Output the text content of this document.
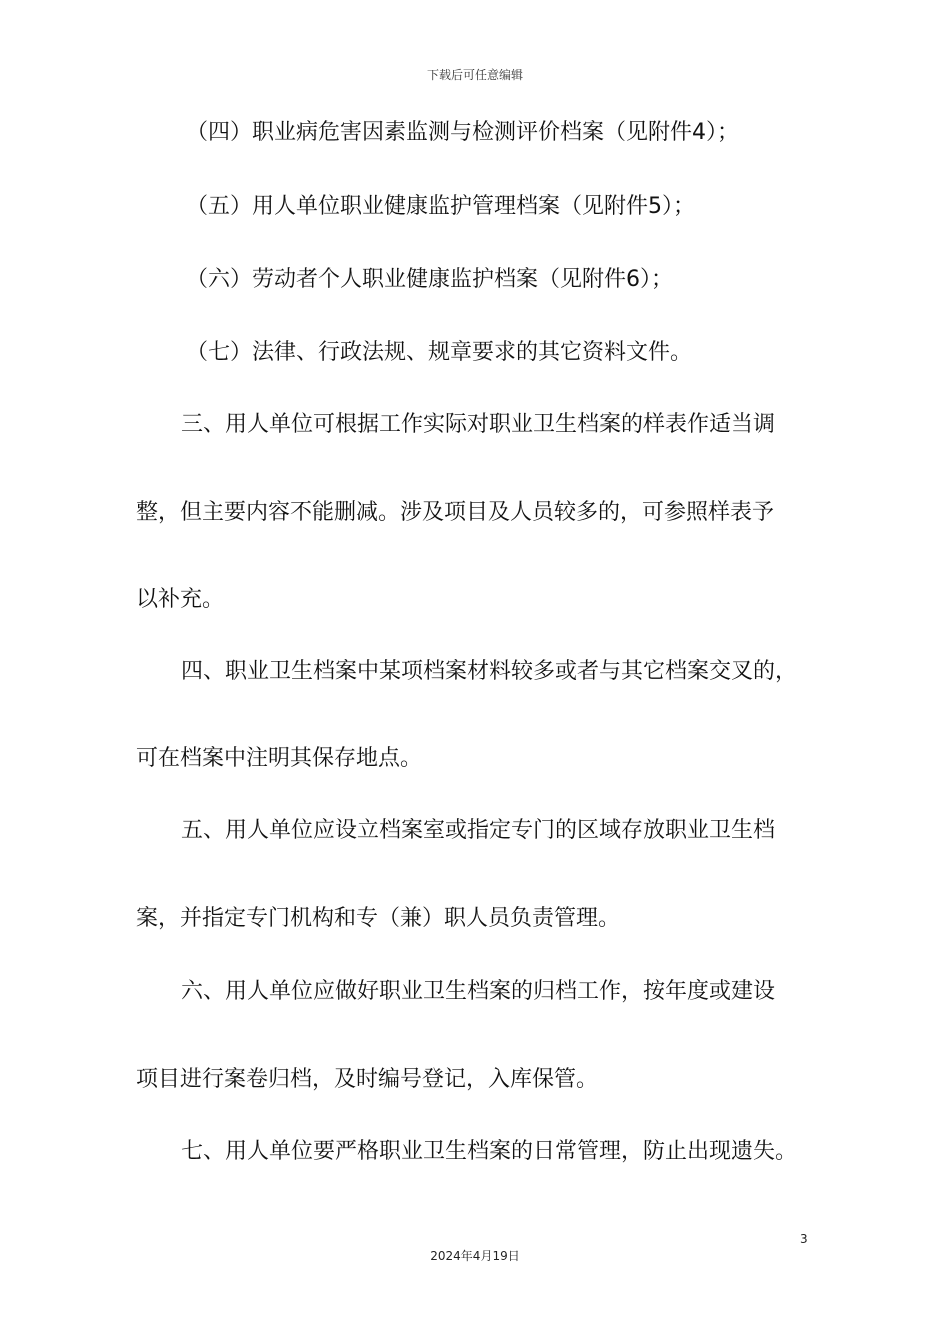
下载后可任意编辑
（四）职业病危害因素监测与检测评价档案（见附件4）；
（五）用人单位职业健康监护管理档案（见附件5）；
（六）劳动者个人职业健康监护档案（见附件6）；
（七）法律、行政法规、规章要求的其它资料文件。
三、用人单位可根据工作实际对职业卫生档案的样表作适当调
整，但主要内容不能删减。涉及项目及人员较多的，可参照样表予
以补充。
四、职业卫生档案中某项档案材料较多或者与其它档案交叉的，
可在档案中注明其保存地点。
五、用人单位应设立档案室或指定专门的区域存放职业卫生档
案，并指定专门机构和专（兼）职人员负责管理。
六、用人单位应做好职业卫生档案的归档工作，按年度或建设
项目进行案卷归档，及时编号登记，入库保管。
七、用人单位要严格职业卫生档案的日常管理，防止出现遗失。
3
2024年4月19日
